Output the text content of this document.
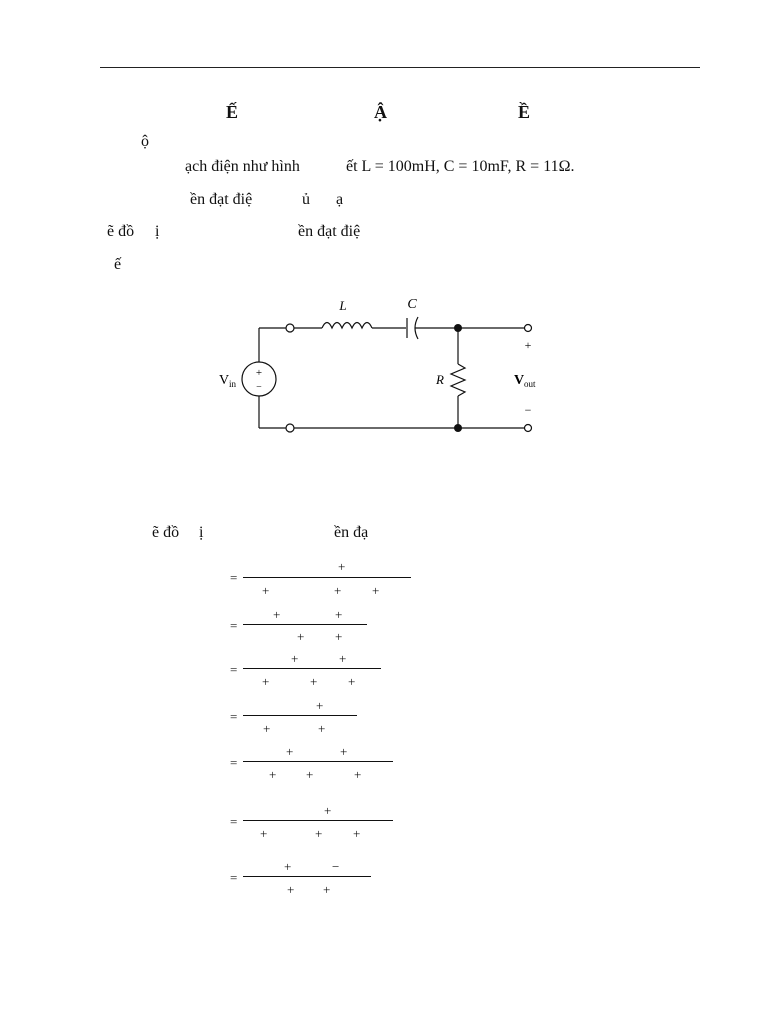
Ế	Ậ	Ề
ộ
ạch điện như hình	ết L = 100mH, C = 10mF, R = 11Ω.
ền đạt điệ	ủ ạ
ẽ đồ ị	ền đạt điệ
ế
L	C
R
+
−
V in
+
V out
−
ẽ đồ ị	ền đạ
=
+
+	+ +
=
+	+
+ +
=
+	+
+	+ +
=
+
+	+
=
+	+
+ +	+
=
+
+	+ +
=
+	−
+ +
